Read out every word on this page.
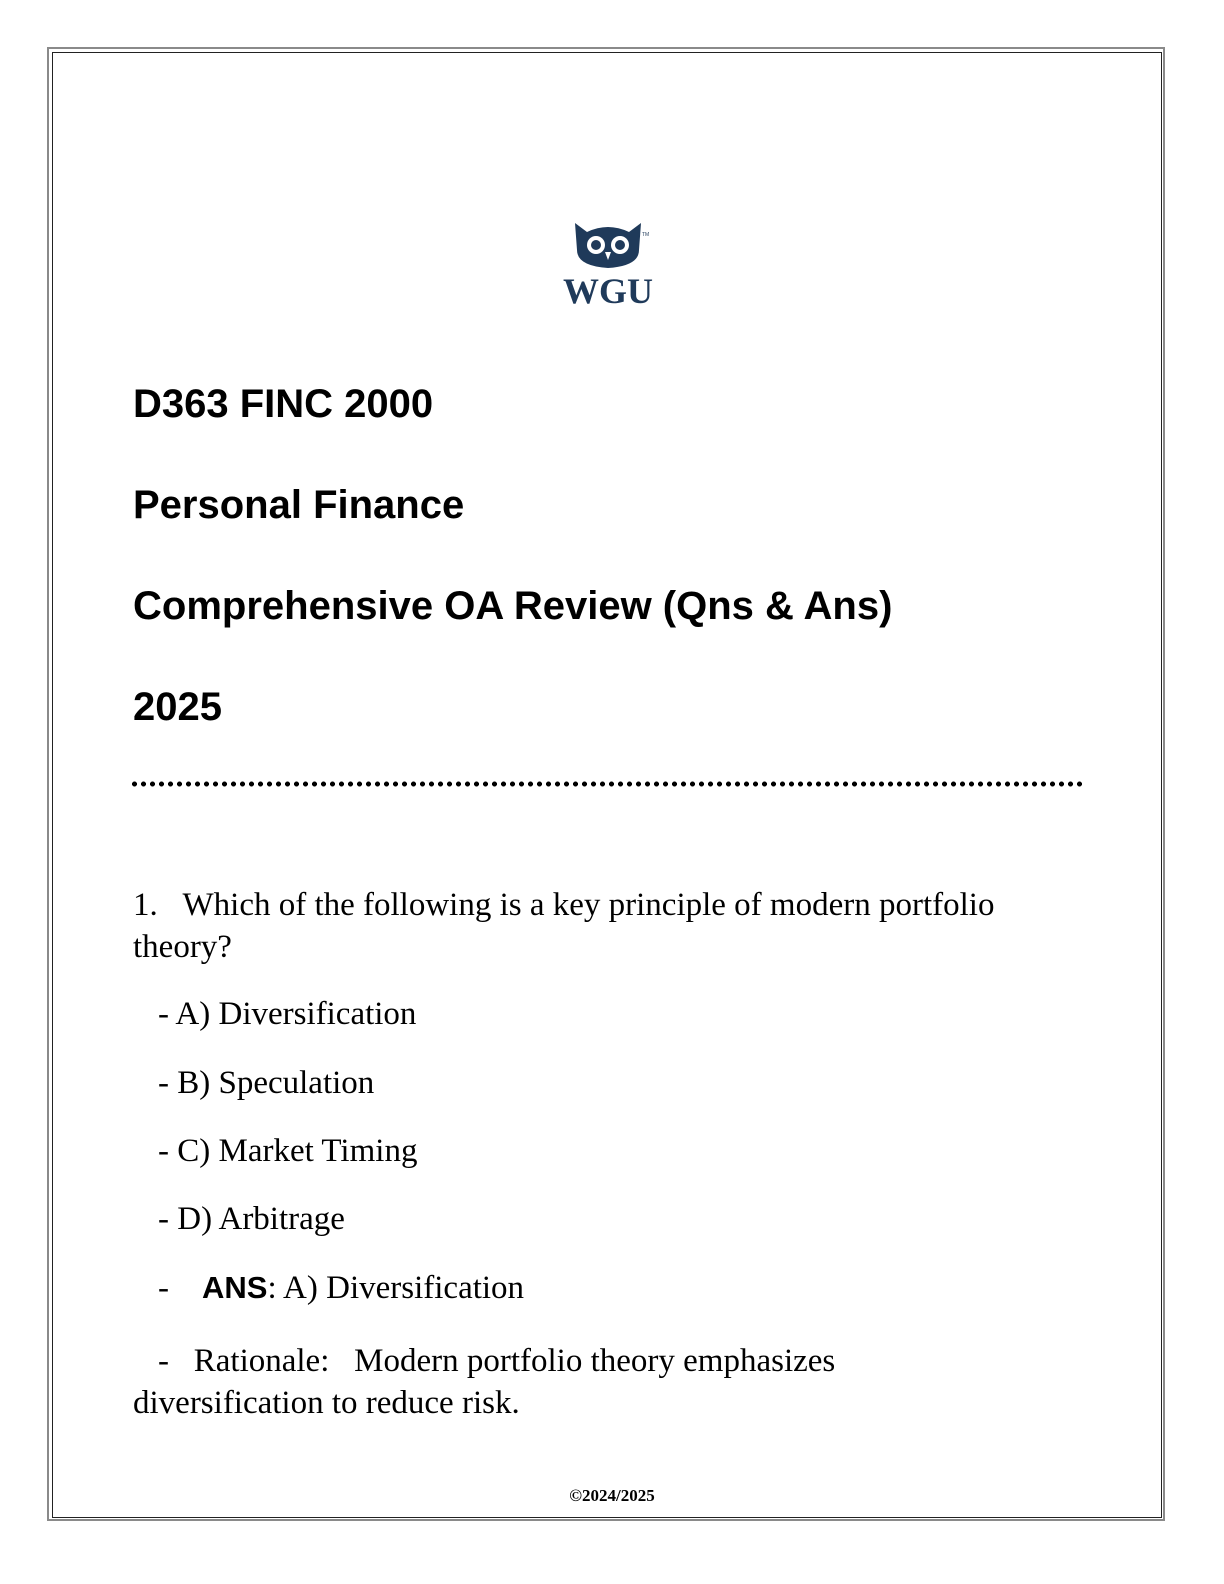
TM
WGU
D363 FINC 2000
Personal Finance
Comprehensive OA Review (Qns & Ans)
2025
1. Which of the following is a key principle of modern portfolio theory?
- A) Diversification
- B) Speculation
- C) Market Timing
- D) Arbitrage
- ANS: A) Diversification
- Rationale: Modern portfolio theory emphasizes diversification to reduce risk.
©2024/2025
